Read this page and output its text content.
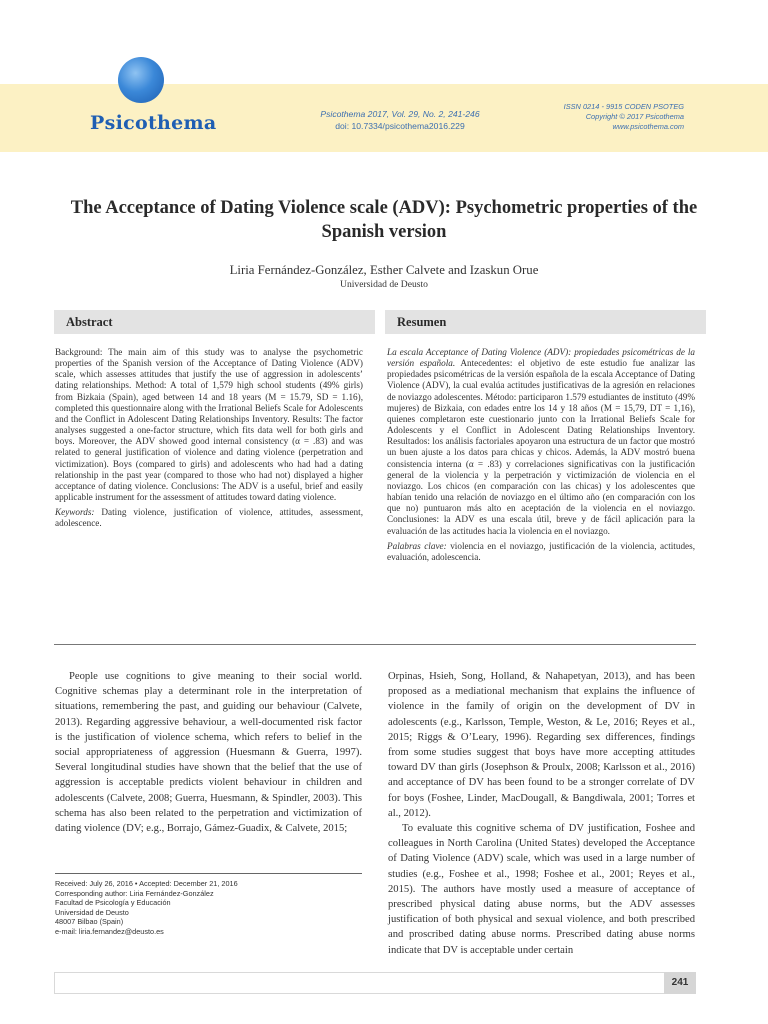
Psicothema	Psicothema 2017, Vol. 29, No. 2, 241-246
doi: 10.7334/psicothema2016.229
ISSN 0214 - 9915 CODEN PSOTEG
Copyright © 2017 Psicothema
www.psicothema.com
The Acceptance of Dating Violence scale (ADV): Psychometric properties of the Spanish version
Liria Fernández-González, Esther Calvete and Izaskun Orue
Universidad de Deusto
Abstract	Resumen

Background: The main aim of this study was to analyse the psychometric properties of the Spanish version of the Acceptance of Dating Violence (ADV) scale, which assesses attitudes that justify the use of aggression in adolescents’ dating relationships. Method: A total of 1,579 high school students (49% girls) from Bizkaia (Spain), aged between 14 and 18 years (M = 15.79, SD = 1.16), completed this questionnaire along with the Irrational Beliefs Scale for Adolescents and the Conflict in Adolescent Dating Relationships Inventory. Results: The factor analyses suggested a one-factor structure, which fits data well for both girls and boys. Moreover, the ADV showed good internal consistency (α = .83) and was related to general justification of violence and dating violence (perpetration and victimization). Boys (compared to girls) and adolescents who had had a dating relationship in the past year (compared to those who had not) displayed a higher acceptance of dating violence. Conclusions: The ADV is a useful, brief and easily applicable instrument for the assessment of attitudes toward dating violence.

Keywords: Dating violence, justification of violence, attitudes, assessment, adolescence.

La escala Acceptance of Dating Violence (ADV): propiedades psicométricas de la versión española. Antecedentes: el objetivo de este estudio fue analizar las propiedades psicométricas de la versión española de la escala Acceptance of Dating Violence (ADV), la cual evalúa actitudes justificativas de la agresión en relaciones de noviazgo adolescentes. Método: participaron 1.579 estudiantes de instituto (49% mujeres) de Bizkaia, con edades entre los 14 y 18 años (M = 15,79, DT = 1,16), quienes completaron este cuestionario junto con la Irrational Beliefs Scale for Adolescents y el Conflict in Adolescent Dating Relationships Inventory. Resultados: los análisis factoriales apoyaron una estructura de un factor que mostró un buen ajuste a los datos para chicas y chicos. Además, la ADV mostró buena consistencia interna (α = .83) y correlaciones significativas con la justificación general de la violencia y la perpetración y victimización de violencia en el noviazgo. Los chicos (en comparación con las chicas) y los adolescentes que habían tenido una relación de noviazgo en el último año (en comparación con los que no) puntuaron más alto en aceptación de la violencia en el noviazgo. Conclusiones: la ADV es una escala útil, breve y de fácil aplicación para la evaluación de las actitudes hacia la violencia en el noviazgo.

Palabras clave: violencia en el noviazgo, justificación de la violencia, actitudes, evaluación, adolescencia.

People use cognitions to give meaning to their social world. Cognitive schemas play a determinant role in the interpretation of situations, remembering the past, and guiding our behaviour (Calvete, 2013). Regarding aggressive behaviour, a well-documented risk factor is the justification of violence schema, which refers to belief in the social appropriateness of aggression (Huesmann & Guerra, 1997). Several longitudinal studies have shown that the belief that the use of aggression is acceptable predicts violent behaviour in children and adolescents (Calvete, 2008; Guerra, Huesmann, & Spindler, 2003). This schema has also been related to the perpetration and victimization of dating violence (DV; e.g., Borrajo, Gámez-Guadix, & Calvete, 2015;

Orpinas, Hsieh, Song, Holland, & Nahapetyan, 2013), and has been proposed as a mediational mechanism that explains the influence of violence in the family of origin on the development of DV in adolescents (e.g., Karlsson, Temple, Weston, & Le, 2016; Reyes et al., 2015; Riggs & O’Leary, 1996). Regarding sex differences, findings from some studies suggest that boys have more accepting attitudes toward DV than girls (Josephson & Proulx, 2008; Karlsson et al., 2016) and acceptance of DV has been found to be a stronger correlate of DV for boys (Foshee, Linder, MacDougall, & Bangdiwala, 2001; Torres et al., 2012).

To evaluate this cognitive schema of DV justification, Foshee and colleagues in North Carolina (United States) developed the Acceptance of Dating Violence (ADV) scale, which was used in a large number of studies (e.g., Foshee et al., 1998; Foshee et al., 2001; Reyes et al., 2015). The authors have mostly used a measure of acceptance of prescribed physical dating abuse norms, but the ADV assesses justification of both physical and sexual violence, and both prescribed and proscribed dating abuse norms. Prescribed dating abuse norms indicate that DV is acceptable under certain

Received: July 26, 2016 • Accepted: December 21, 2016
Corresponding author: Liria Fernández-González
Facultad de Psicología y Educación
Universidad de Deusto
48007 Bilbao (Spain)
e-mail: liria.fernandez@deusto.es
241
